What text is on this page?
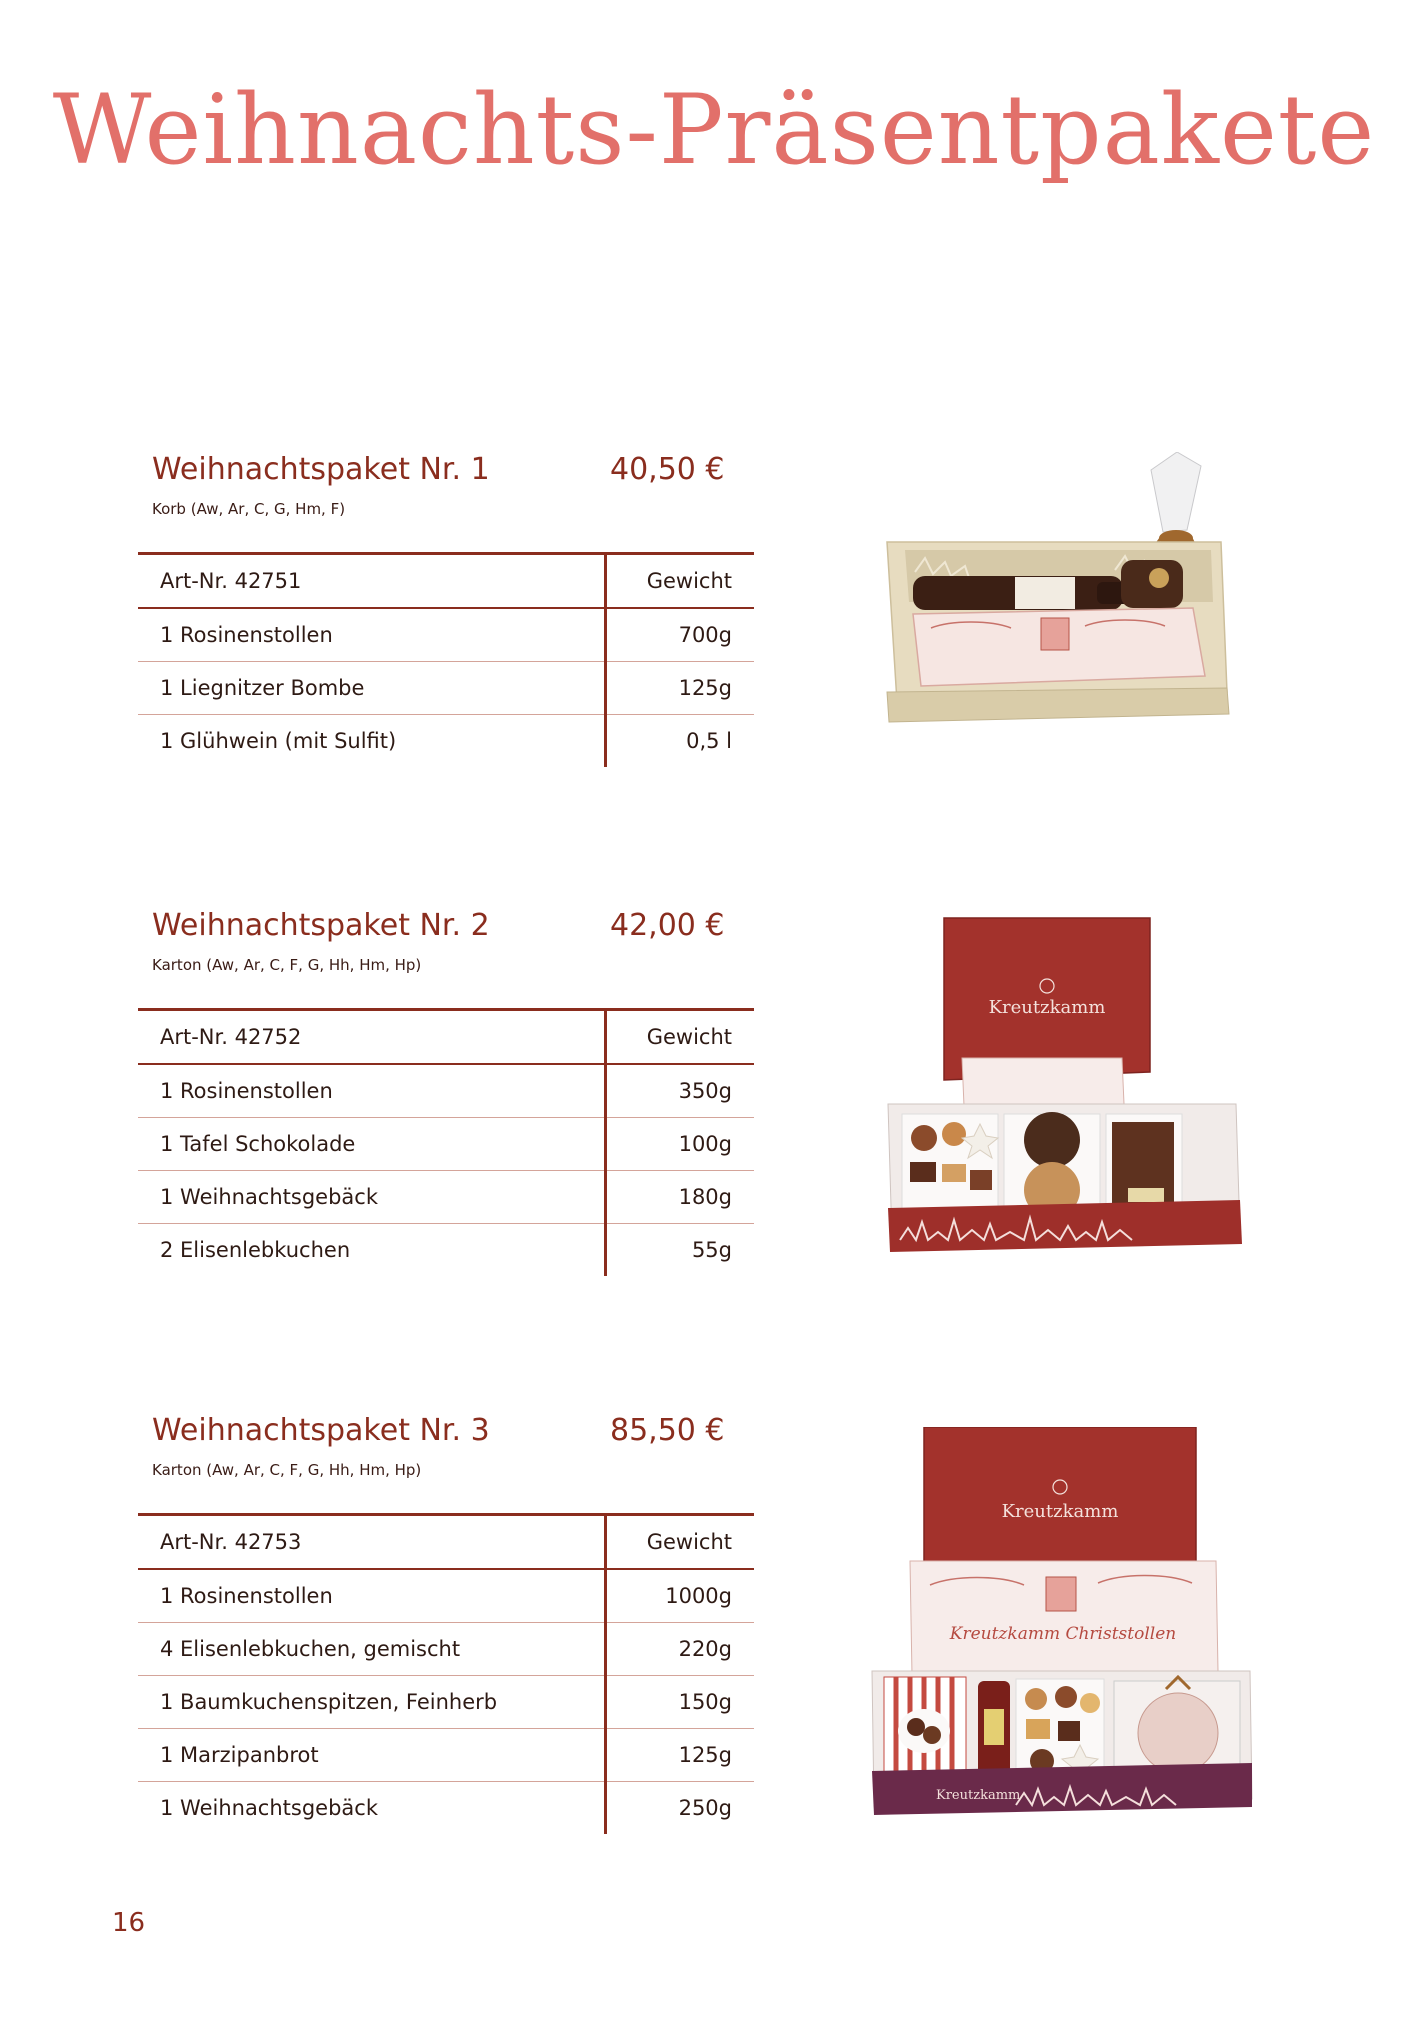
Weihnachts-Präsentpakete
Weihnachtspaket Nr. 1	40,50 €
Korb (Aw, Ar, C, G, Hm, F)
Art-Nr. 42751	Gewicht
1 Rosinenstollen	700g
1 Liegnitzer Bombe	125g
1 Glühwein (mit Sulfit)	0,5 l
Weihnachtspaket Nr. 2	42,00 €
Karton (Aw, Ar, C, F, G, Hh, Hm, Hp)
Art-Nr. 42752	Gewicht
1 Rosinenstollen	350g
1 Tafel Schokolade	100g
1 Weihnachtsgebäck	180g
2 Elisenlebkuchen	55g
Kreutzkamm
Weihnachtspaket Nr. 3	85,50 €
Karton (Aw, Ar, C, F, G, Hh, Hm, Hp)
Art-Nr. 42753	Gewicht
1 Rosinenstollen	1000g
4 Elisenlebkuchen, gemischt	220g
1 Baumkuchenspitzen, Feinherb	150g
1 Marzipanbrot	125g
1 Weihnachtsgebäck	250g
Kreutzkamm
Kreutzkamm Christstollen
Kreutzkamm

16
